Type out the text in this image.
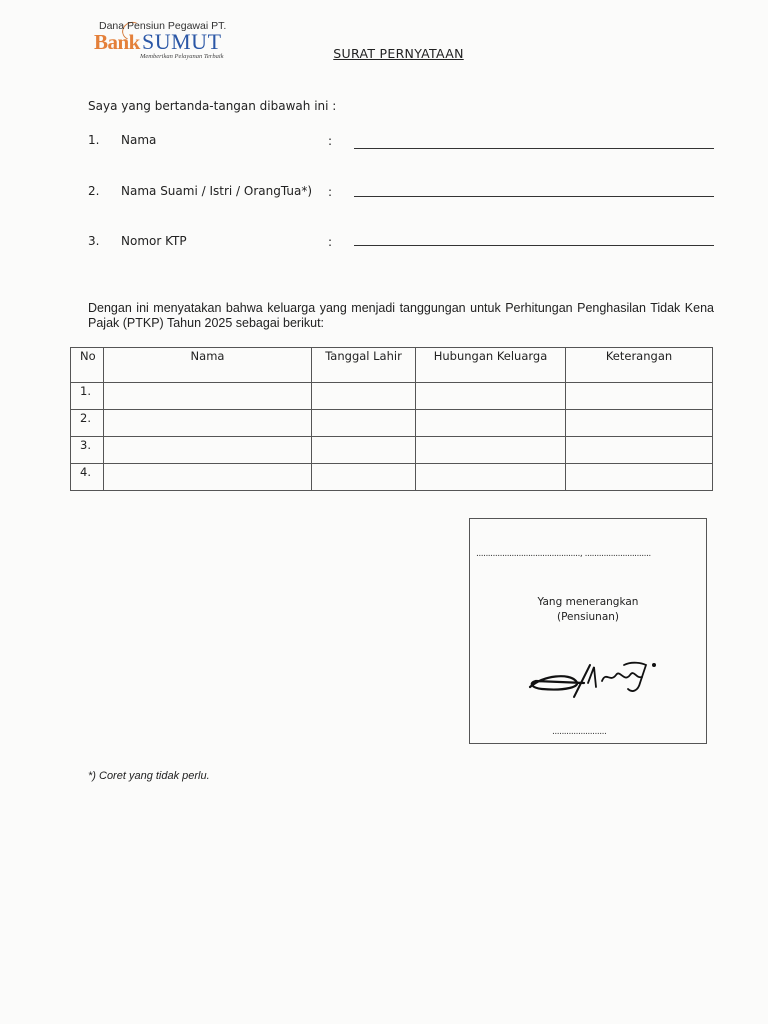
Dana Pensiun Pegawai PT.
Bank SUMUT
Memberikan Pelayanan Terbaik	SURAT PERNYATAAN
Saya yang bertanda-tangan dibawah ini :
1. Nama	:
2. Nama Suami / Istri / OrangTua*) :
3. Nomor KTP	:
Dengan ini menyatakan bahwa keluarga yang menjadi tanggungan untuk Perhitungan Penghasilan Tidak Kena Pajak (PTKP) Tahun 2025 sebagai berikut:
No	Nama	Tanggal Lahir	Hubungan Keluarga	Keterangan
1.				
2.				
3.				
4.				
............................................, ............................
Yang menerangkan
(Pensiunan)
.......................
*) Coret yang tidak perlu.
